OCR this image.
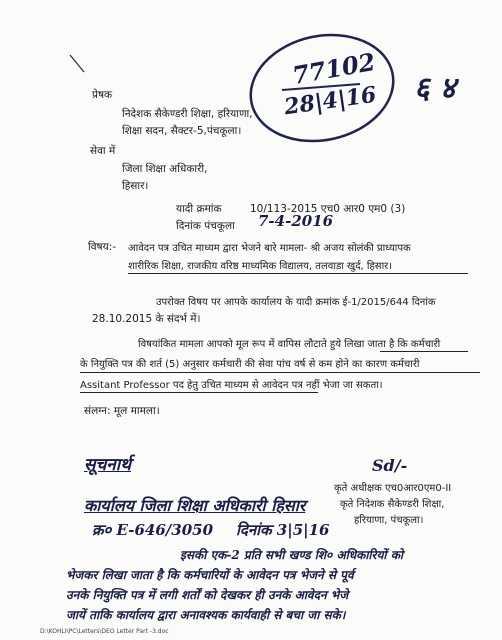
77102
28|4|16 ६ ४
प्रेषक
निदेशक सैकेण्डरी शिक्षा, हरियाणा,
शिक्षा सदन, सैक्टर-5,पंचकूला।
सेवा में
जिला शिक्षा अधिकारी,
हिसार।
यादी क्रमांक	10/113-2015 एच0 आर0 एम0 (3)
दिनांक पंचकूला 7-4-2016
विषय:- आवेदन पत्र उचित माध्यम द्वारा भेजने बारे मामला- श्री अजय सोलंकी प्राध्यापक
शारीरिक शिक्षा, राजकीय वरिष्ठ माध्यमिक विद्यालय, तलवाडा खुर्द, हिसार।
उपरोक्त विषय पर आपके कार्यालय के यादी क्रमांक ई-1/2015/644 दिनांक
28.10.2015 के संदर्भ में।
विषयांकित मामला आपको मूल रूप में वापिस लौटाते हुये लिखा जाता है कि कर्मचारी
के नियुक्ति पत्र की शर्त (5) अनुसार कर्मचारी की सेवा पांच वर्ष से कम होने का कारण कर्मचारी
Assitant Professor पद हेतु उचित माध्यम से आवेदन पत्र नहीं भेजा जा सकता।
संलग्न: मूल मामला।
Sd/-
कृते अधीक्षक एच0आर0एम0-II
कृते निदेशक सैकेण्डरी शिक्षा,
हरियाणा, पंचकूला।
सूचनार्थ
कार्यालय जिला शिक्षा अधिकारी हिसार
क्र० E-646/3050 दिनांक 3|5|16
इसकी एक-2 प्रति सभी खण्ड शि० अधिकारियों को
भेजकर लिखा जाता है कि कर्मचारियों के आवेदन पत्र भेजने से पूर्व
उनके नियुक्ति पत्र में लगी शर्तों को देखकर ही उनके आवेदन भेजे
जायें ताकि कार्यालय द्वारा अनावश्यक कार्यवाही से बचा जा सके।
D:\KOHLI\PC\Letters\DEO Letter Part -3.doc
